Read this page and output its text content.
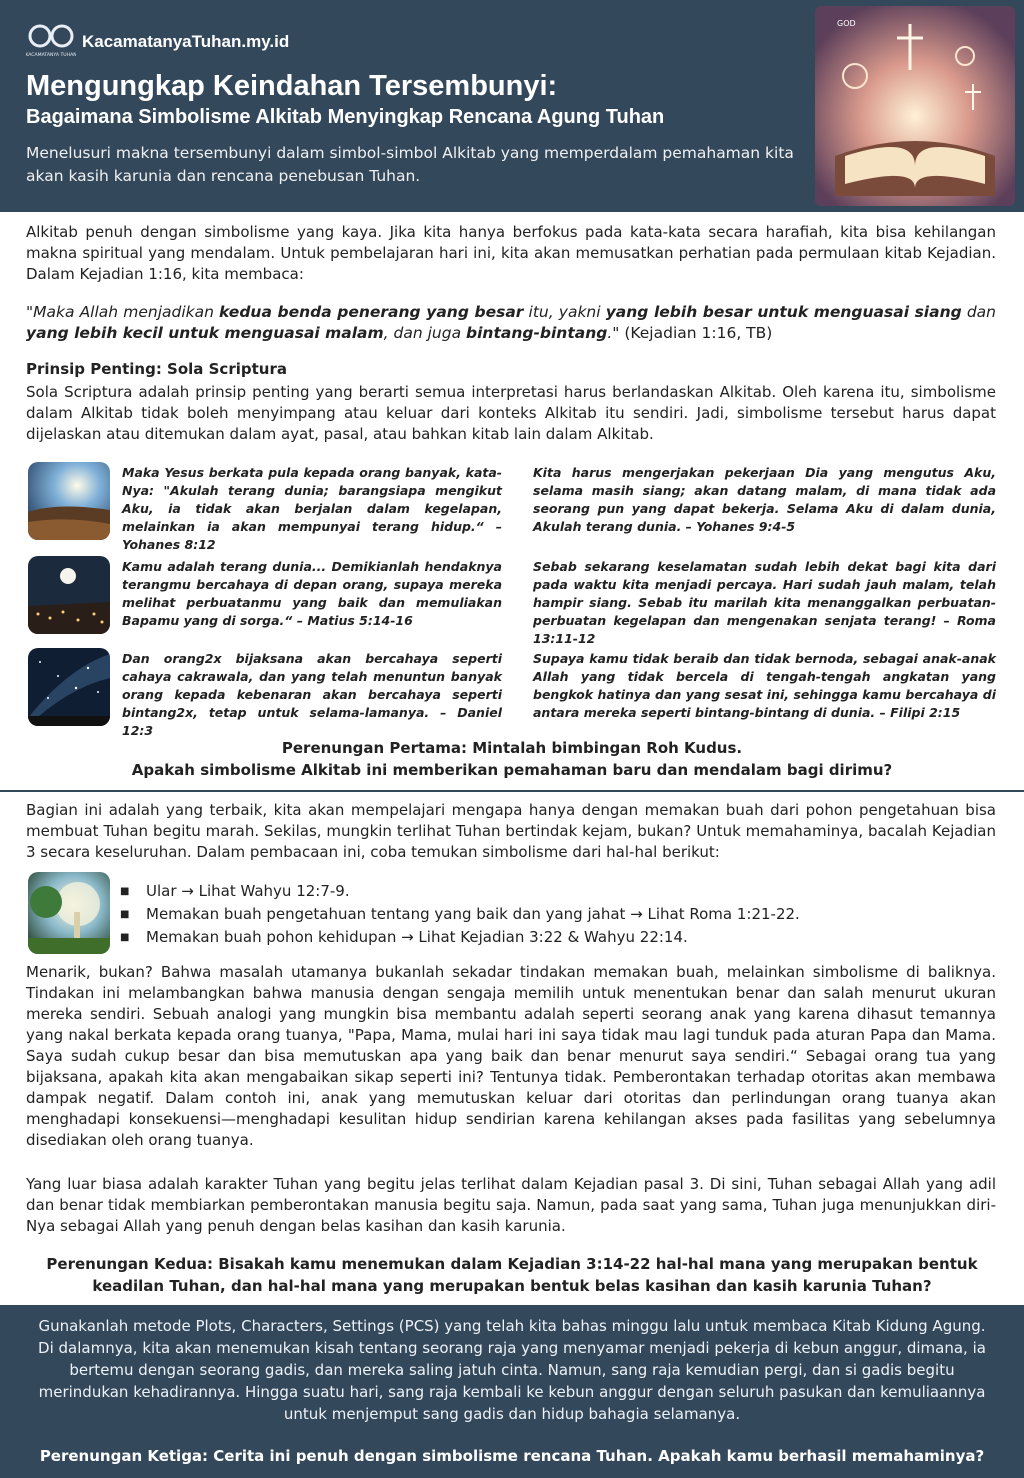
KACAMATANYA TUHAN
KacamatanyaTuhan.my.id
Mengungkap Keindahan Tersembunyi:
Bagaimana Simbolisme Alkitab Menyingkap Rencana Agung Tuhan
Menelusuri makna tersembunyi dalam simbol-simbol Alkitab yang memperdalam pemahaman kita akan kasih karunia dan rencana penebusan Tuhan.
GOD
Alkitab penuh dengan simbolisme yang kaya. Jika kita hanya berfokus pada kata-kata secara harafiah, kita bisa kehilangan makna spiritual yang mendalam. Untuk pembelajaran hari ini, kita akan memusatkan perhatian pada permulaan kitab Kejadian. Dalam Kejadian 1:16, kita membaca:
"Maka Allah menjadikan kedua benda penerang yang besar itu, yakni yang lebih besar untuk menguasai siang dan yang lebih kecil untuk menguasai malam, dan juga bintang-bintang." (Kejadian 1:16, TB)
Prinsip Penting: Sola Scriptura
Sola Scriptura adalah prinsip penting yang berarti semua interpretasi harus berlandaskan Alkitab. Oleh karena itu, simbolisme dalam Alkitab tidak boleh menyimpang atau keluar dari konteks Alkitab itu sendiri. Jadi, simbolisme tersebut harus dapat dijelaskan atau ditemukan dalam ayat, pasal, atau bahkan kitab lain dalam Alkitab.
Maka Yesus berkata pula kepada orang banyak, kata-Nya: "Akulah terang dunia; barangsiapa mengikut Aku, ia tidak akan berjalan dalam kegelapan, melainkan ia akan mempunyai terang hidup.“ – Yohanes 8:12
Kita harus mengerjakan pekerjaan Dia yang mengutus Aku, selama masih siang; akan datang malam, di mana tidak ada seorang pun yang dapat bekerja. Selama Aku di dalam dunia, Akulah terang dunia. – Yohanes 9:4-5
Kamu adalah terang dunia... Demikianlah hendaknya terangmu bercahaya di depan orang, supaya mereka melihat perbuatanmu yang baik dan memuliakan Bapamu yang di sorga.“ – Matius 5:14-16
Sebab sekarang keselamatan sudah lebih dekat bagi kita dari pada waktu kita menjadi percaya. Hari sudah jauh malam, telah hampir siang. Sebab itu marilah kita menanggalkan perbuatan-perbuatan kegelapan dan mengenakan senjata terang! – Roma 13:11-12
Dan orang2x bijaksana akan bercahaya seperti cahaya cakrawala, dan yang telah menuntun banyak orang kepada kebenaran akan bercahaya seperti bintang2x, tetap untuk selama-lamanya. – Daniel 12:3
Supaya kamu tidak beraib dan tidak bernoda, sebagai anak-anak Allah yang tidak bercela di tengah-tengah angkatan yang bengkok hatinya dan yang sesat ini, sehingga kamu bercahaya di antara mereka seperti bintang-bintang di dunia. – Filipi 2:15
Perenungan Pertama: Mintalah bimbingan Roh Kudus.
Apakah simbolisme Alkitab ini memberikan pemahaman baru dan mendalam bagi dirimu?
Bagian ini adalah yang terbaik, kita akan mempelajari mengapa hanya dengan memakan buah dari pohon pengetahuan bisa membuat Tuhan begitu marah. Sekilas, mungkin terlihat Tuhan bertindak kejam, bukan? Untuk memahaminya, bacalah Kejadian 3 secara keseluruhan. Dalam pembacaan ini, coba temukan simbolisme dari hal-hal berikut:
■ Ular → Lihat Wahyu 12:7-9.
■ Memakan buah pengetahuan tentang yang baik dan yang jahat → Lihat Roma 1:21-22.
■ Memakan buah pohon kehidupan → Lihat Kejadian 3:22 & Wahyu 22:14.
Menarik, bukan? Bahwa masalah utamanya bukanlah sekadar tindakan memakan buah, melainkan simbolisme di baliknya. Tindakan ini melambangkan bahwa manusia dengan sengaja memilih untuk menentukan benar dan salah menurut ukuran mereka sendiri. Sebuah analogi yang mungkin bisa membantu adalah seperti seorang anak yang karena dihasut temannya yang nakal berkata kepada orang tuanya, "Papa, Mama, mulai hari ini saya tidak mau lagi tunduk pada aturan Papa dan Mama. Saya sudah cukup besar dan bisa memutuskan apa yang baik dan benar menurut saya sendiri.“ Sebagai orang tua yang bijaksana, apakah kita akan mengabaikan sikap seperti ini? Tentunya tidak. Pemberontakan terhadap otoritas akan membawa dampak negatif. Dalam contoh ini, anak yang memutuskan keluar dari otoritas dan perlindungan orang tuanya akan menghadapi konsekuensi—menghadapi kesulitan hidup sendirian karena kehilangan akses pada fasilitas yang sebelumnya disediakan oleh orang tuanya.
Yang luar biasa adalah karakter Tuhan yang begitu jelas terlihat dalam Kejadian pasal 3. Di sini, Tuhan sebagai Allah yang adil dan benar tidak membiarkan pemberontakan manusia begitu saja. Namun, pada saat yang sama, Tuhan juga menunjukkan diri-Nya sebagai Allah yang penuh dengan belas kasihan dan kasih karunia.
Perenungan Kedua: Bisakah kamu menemukan dalam Kejadian 3:14-22 hal-hal mana yang merupakan bentuk
keadilan Tuhan, dan hal-hal mana yang merupakan bentuk belas kasihan dan kasih karunia Tuhan?
Gunakanlah metode Plots, Characters, Settings (PCS) yang telah kita bahas minggu lalu untuk membaca Kitab Kidung Agung. Di dalamnya, kita akan menemukan kisah tentang seorang raja yang menyamar menjadi pekerja di kebun anggur, dimana, ia bertemu dengan seorang gadis, dan mereka saling jatuh cinta. Namun, sang raja kemudian pergi, dan si gadis begitu merindukan kehadirannya. Hingga suatu hari, sang raja kembali ke kebun anggur dengan seluruh pasukan dan kemuliaannya untuk menjemput sang gadis dan hidup bahagia selamanya.
Perenungan Ketiga: Cerita ini penuh dengan simbolisme rencana Tuhan. Apakah kamu berhasil memahaminya?
